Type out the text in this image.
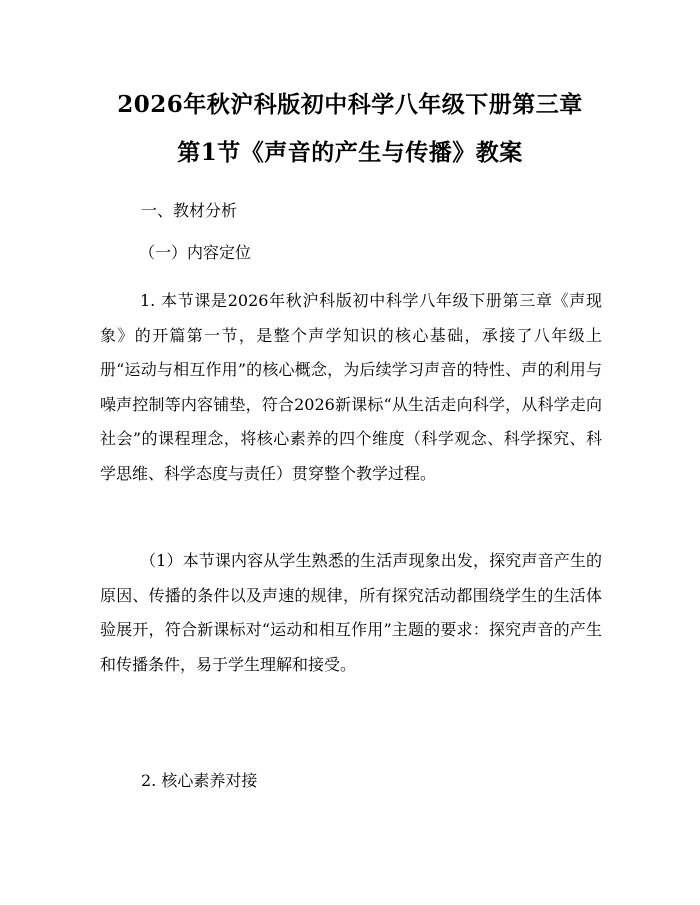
2026年秋沪科版初中科学八年级下册第三章
第1节《声音的产生与传播》教案

一、教材分析

（一）内容定位

1. 本节课是2026年秋沪科版初中科学八年级下册第三章《声现象》的开篇第一节，是整个声学知识的核心基础，承接了八年级上册“运动与相互作用”的核心概念，为后续学习声音的特性、声的利用与噪声控制等内容铺垫，符合2026新课标“从生活走向科学，从科学走向社会”的课程理念，将核心素养的四个维度（科学观念、科学探究、科学思维、科学态度与责任）贯穿整个教学过程。

（1）本节课内容从学生熟悉的生活声现象出发，探究声音产生的原因、传播的条件以及声速的规律，所有探究活动都围绕学生的生活体验展开，符合新课标对“运动和相互作用”主题的要求：探究声音的产生和传播条件，易于学生理解和接受。

2. 核心素养对接
